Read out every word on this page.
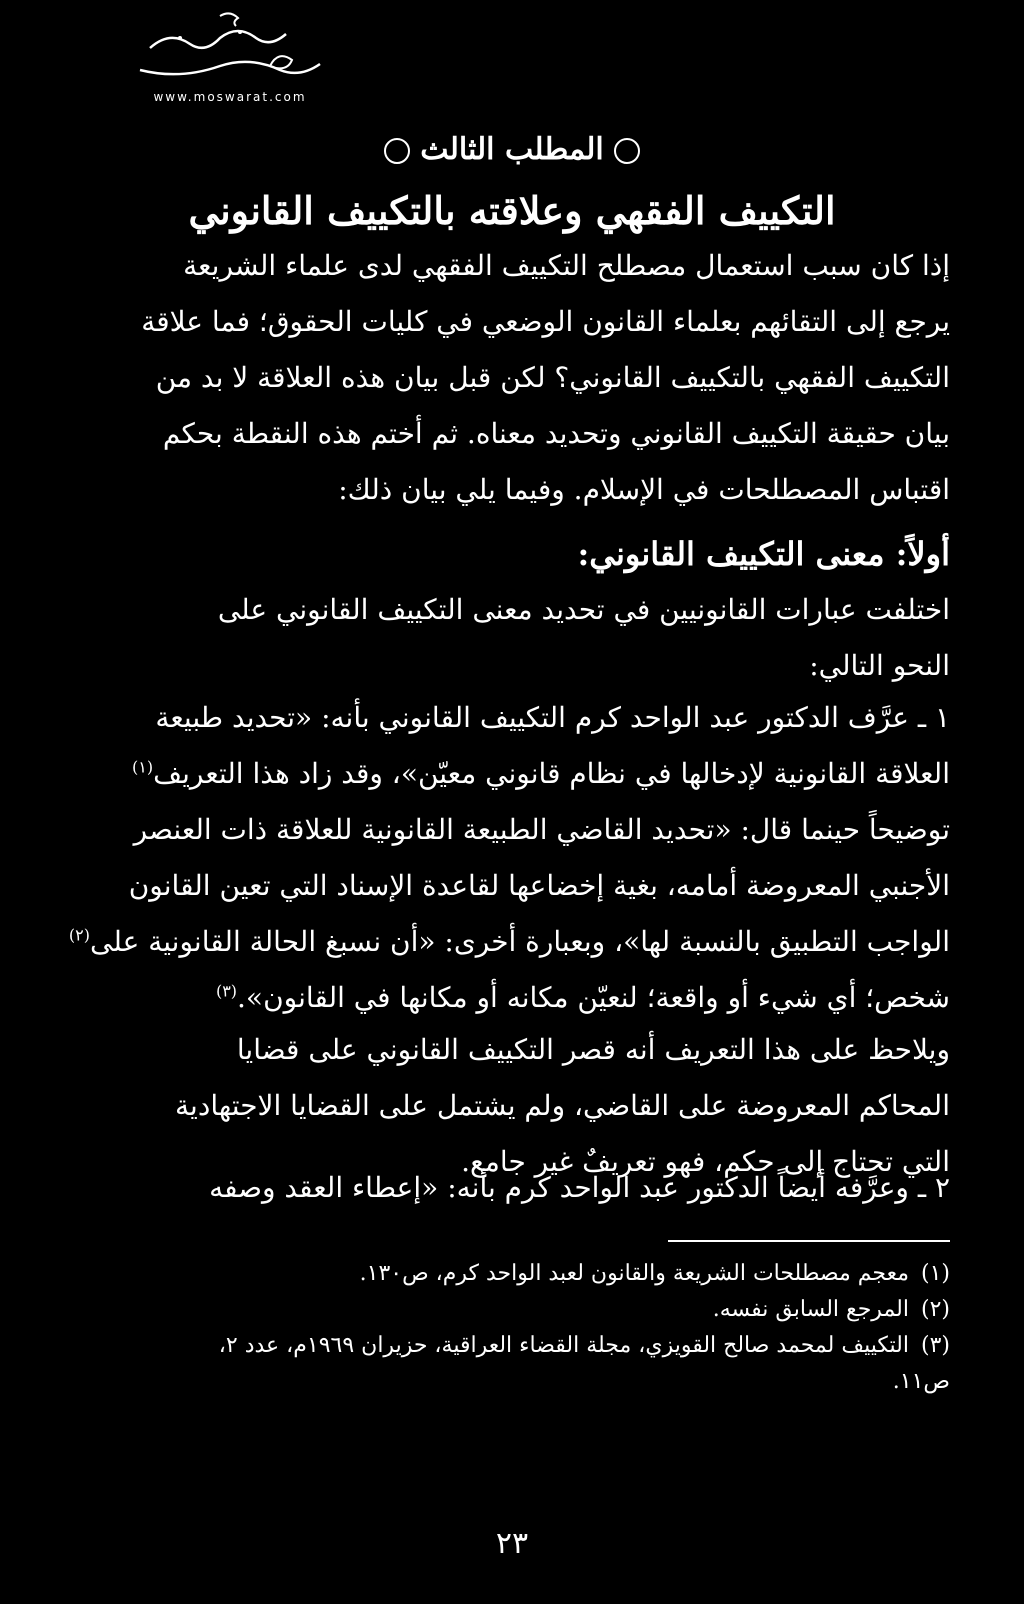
www.moswarat.com
المطلب الثالث
التكييف الفقهي وعلاقته بالتكييف القانوني
إذا كان سبب استعمال مصطلح التكييف الفقهي لدى علماء الشريعة
يرجع إلى التقائهم بعلماء القانون الوضعي في كليات الحقوق؛ فما علاقة
التكييف الفقهي بالتكييف القانوني؟ لكن قبل بيان هذه العلاقة لا بد من
بيان حقيقة التكييف القانوني وتحديد معناه. ثم أختم هذه النقطة بحكم
اقتباس المصطلحات في الإسلام. وفيما يلي بيان ذلك:
أولاً: معنى التكييف القانوني:
اختلفت عبارات القانونيين في تحديد معنى التكييف القانوني على
النحو التالي:
١ ـ عرَّف الدكتور عبد الواحد كرم التكييف القانوني بأنه: «تحديد طبيعة
العلاقة القانونية لإدخالها في نظام قانوني معيّن»، وقد زاد هذا التعريف$^{(١)}$
توضيحاً حينما قال: «تحديد القاضي الطبيعة القانونية للعلاقة ذات العنصر
الأجنبي المعروضة أمامه، بغية إخضاعها لقاعدة الإسناد التي تعين القانون
الواجب التطبيق بالنسبة لها»، وبعبارة أخرى: «أن نسبغ الحالة القانونية على$^{(٢)}$
شخص؛ أي شيء أو واقعة؛ لنعيّن مكانه أو مكانها في القانون».$^{(٣)}$
ويلاحظ على هذا التعريف أنه قصر التكييف القانوني على قضايا
المحاكم المعروضة على القاضي، ولم يشتمل على القضايا الاجتهادية
التي تحتاج إلى حكم، فهو تعريفٌ غير جامع.
٢ ـ وعرَّفه أيضاً الدكتور عبد الواحد كرم بأنه: «إعطاء العقد وصفه
(١)معجم مصطلحات الشريعة والقانون لعبد الواحد كرم، ص١٣٠.
(٢)المرجع السابق نفسه.
(٣)التكييف لمحمد صالح القويزي، مجلة القضاء العراقية، حزيران ١٩٦٩م، عدد ٢،
ص١١.
٢٣
